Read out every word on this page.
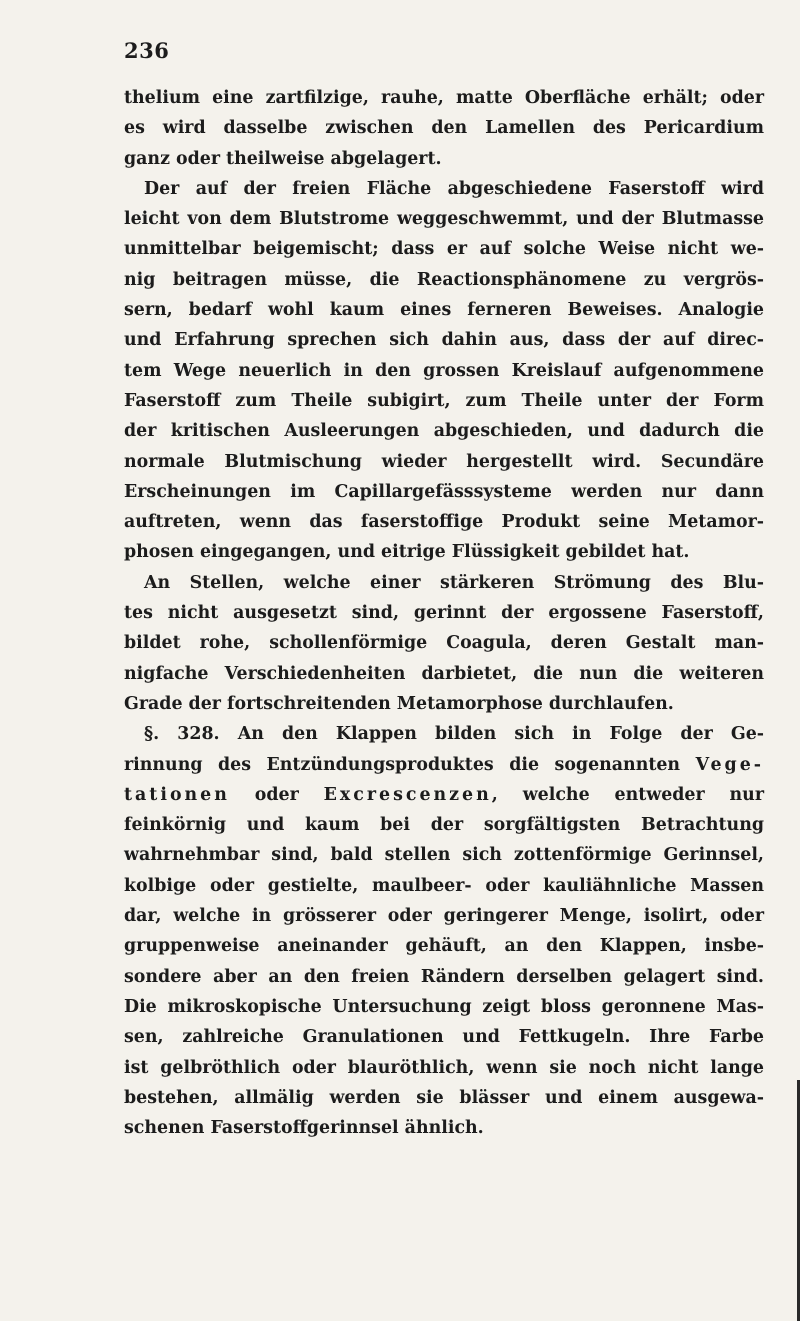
236
thelium eine zartfilzige, rauhe, matte Oberfläche erhält; oder
es wird dasselbe zwischen den Lamellen des Pericardium
ganz oder theilweise abgelagert.
Der auf der freien Fläche abgeschiedene Faserstoff wird
leicht von dem Blutstrome weggeschwemmt, und der Blutmasse
unmittelbar beigemischt; dass er auf solche Weise nicht we-
nig beitragen müsse, die Reactionsphänomene zu vergrös-
sern, bedarf wohl kaum eines ferneren Beweises. Analogie
und Erfahrung sprechen sich dahin aus, dass der auf direc-
tem Wege neuerlich in den grossen Kreislauf aufgenommene
Faserstoff zum Theile subigirt, zum Theile unter der Form
der kritischen Ausleerungen abgeschieden, und dadurch die
normale Blutmischung wieder hergestellt wird. Secundäre
Erscheinungen im Capillargefässsysteme werden nur dann
auftreten, wenn das faserstoffige Produkt seine Metamor-
phosen eingegangen, und eitrige Flüssigkeit gebildet hat.
An Stellen, welche einer stärkeren Strömung des Blu-
tes nicht ausgesetzt sind, gerinnt der ergossene Faserstoff,
bildet rohe, schollenförmige Coagula, deren Gestalt man-
nigfache Verschiedenheiten darbietet, die nun die weiteren
Grade der fortschreitenden Metamorphose durchlaufen.
§. 328. An den Klappen bilden sich in Folge der Ge-
rinnung des Entzündungsproduktes die sogenannten Vege-
tationen oder Excrescenzen, welche entweder nur
feinkörnig und kaum bei der sorgfältigsten Betrachtung
wahrnehmbar sind, bald stellen sich zottenförmige Gerinnsel,
kolbige oder gestielte, maulbeer- oder kauliähnliche Massen
dar, welche in grösserer oder geringerer Menge, isolirt, oder
gruppenweise aneinander gehäuft, an den Klappen, insbe-
sondere aber an den freien Rändern derselben gelagert sind.
Die mikroskopische Untersuchung zeigt bloss geronnene Mas-
sen, zahlreiche Granulationen und Fettkugeln. Ihre Farbe
ist gelbröthlich oder blauröthlich, wenn sie noch nicht lange
bestehen, allmälig werden sie blässer und einem ausgewa-
schenen Faserstoffgerinnsel ähnlich.
